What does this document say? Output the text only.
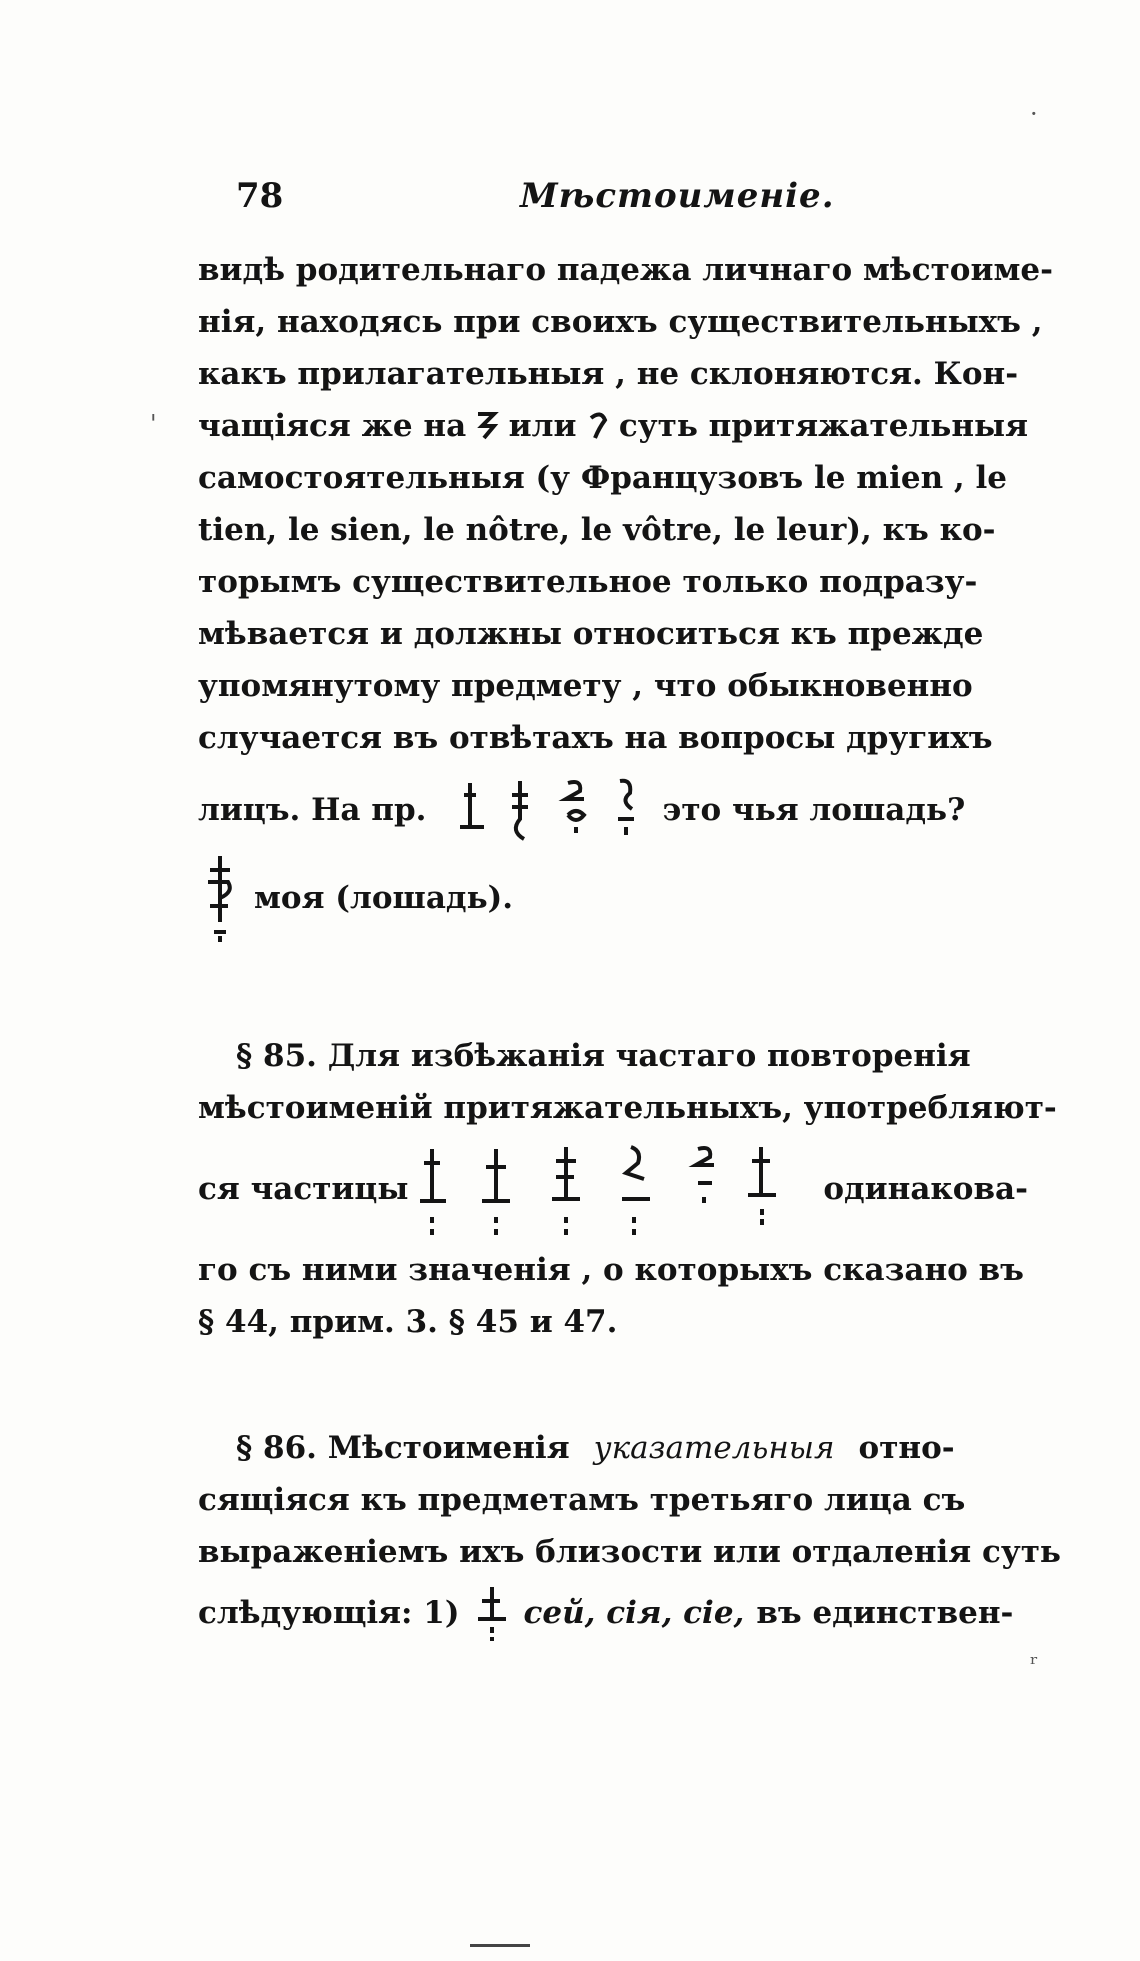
78	Мѣстоименіе.
видѣ родительнаго падежа личнаго мѣстоиме-
нія, находясь при своихъ существительныхъ ,
какъ прилагательныя , не склоняются. Кон-
чащіяся же на или суть притяжательныя
самостоятельныя (у Французовъ le mien , le
tien, le sien, le nôtre, le vôtre, le leur), къ ко-
торымъ существительное только подразу-
мѣвается и должны относиться къ прежде
упомянутому предмету , что обыкновенно
случается въ отвѣтахъ на вопросы другихъ
лицъ. На пр.	это чья лошадь?
моя (лошадь).
§ 85. Для избѣжанія частаго повторенія
мѣстоименій притяжательныхъ, употребляют-
ся частицы	одинакова-
го съ ними значенія , о которыхъ сказано въ
§ 44, прим. 3. § 45 и 47.
§ 86. Мѣстоименія указательныя отно-
сящіяся къ предметамъ третьяго лица съ
выраженіемъ ихъ близости или отдаленія суть
слѣдующія: 1) сей, сія, сіе, въ единствен-
·
'
ʳ
